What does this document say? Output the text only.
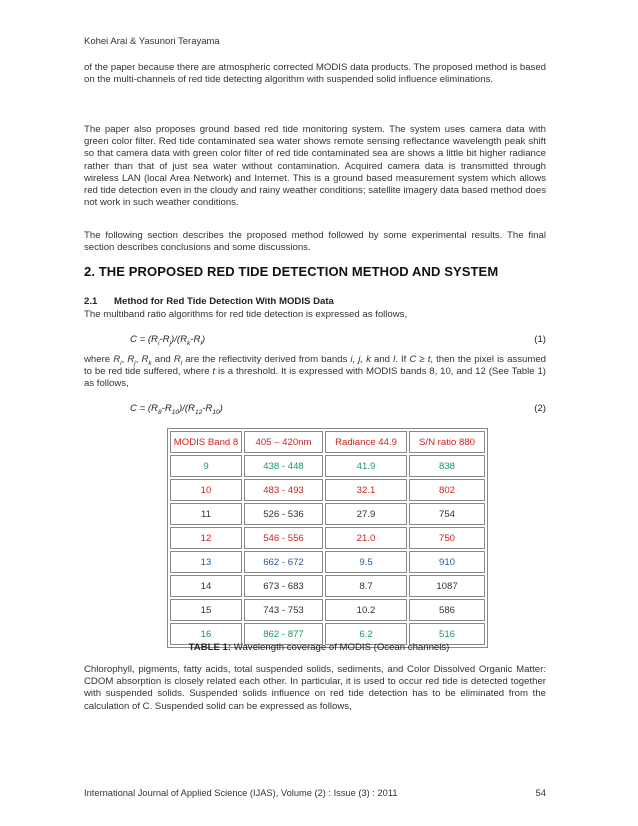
Kohei Arai & Yasunori Terayama

of the paper because there are atmospheric corrected MODIS data products. The proposed method is based on the multi-channels of red tide detecting algorithm with suspended solid influence eliminations.

The paper also proposes ground based red tide monitoring system. The system uses camera data with green color filter. Red tide contaminated sea water shows remote sensing reflectance wavelength peak shift so that camera data with green color filter of red tide contaminated sea are shows a little bit higher radiance rather than that of just sea water without contamination. Acquired camera data is transmitted through wireless LAN (local Area Network) and Internet. This is a ground based measurement system which allows red tide detection even in the cloudy and rainy weather conditions; satellite imagery data based method does not work in such weather conditions.

The following section describes the proposed method followed by some experimental results. The final section describes conclusions and some discussions.

2. THE PROPOSED RED TIDE DETECTION METHOD AND SYSTEM
2.1 Method for Red Tide Detection With MODIS Data

The multiband ratio algorithms for red tide detection is expressed as follows,

$C = (R_i-R_j)/(R_k-R_l)$	(1)

where $R_i$, $R_j$, $R_k$ and $R_l$ are the reflectivity derived from bands i, j, k and l. If C ≥ t, then the pixel is assumed to be red tide suffered, where t is a threshold. It is expressed with MODIS bands 8, 10, and 12 (See Table 1) as follows,

$C = (R_8-R_{10})/(R_{12}-R_{10})$	(2)
MODIS Band 8	405 – 420nm	Radiance 44.9	S/N ratio 880
9	438 - 448	41.9	838
10	483 - 493	32.1	802
11	526 - 536	27.9	754
12	546 - 556	21.0	750
13	662 - 672	9.5	910
14	673 - 683	8.7	1087
15	743 - 753	10.2	586
16	862 - 877	6.2	516
TABLE 1: Wavelength coverage of MODIS (Ocean channels)

Chlorophyll, pigments, fatty acids, total suspended solids, sediments, and Color Dissolved Organic Matter: CDOM absorption is closely related each other. In particular, it is used to occur red tide is detected together with suspended solids. Suspended solids influence on red tide detection has to be eliminated from the calculation of C. Suspended solid can be expressed as follows,

International Journal of Applied Science (IJAS), Volume (2) : Issue (3) : 2011	54
